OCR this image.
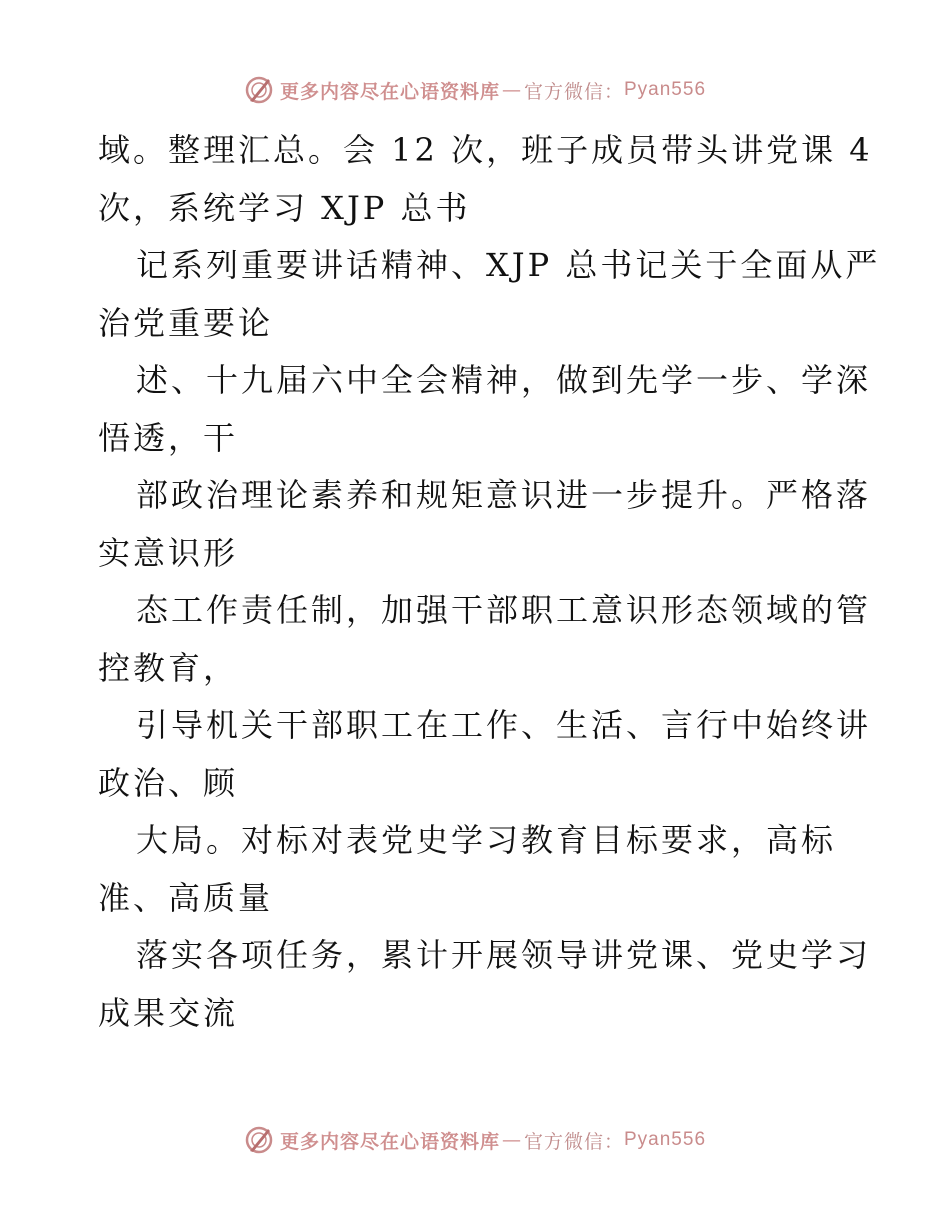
更多内容尽在心语资料库 — 官方微信： Pyan556
域。整理汇总。会 12 次，班子成员带头讲党课 4
次，系统学习 XJP 总书
记系列重要讲话精神、XJP 总书记关于全面从严
治党重要论
述、十九届六中全会精神，做到先学一步、学深
悟透，干
部政治理论素养和规矩意识进一步提升。严格落
实意识形
态工作责任制，加强干部职工意识形态领域的管
控教育，
引导机关干部职工在工作、生活、言行中始终讲
政治、顾
大局。对标对表党史学习教育目标要求，高标
准、高质量
落实各项任务，累计开展领导讲党课、党史学习
成果交流
更多内容尽在心语资料库 — 官方微信： Pyan556
